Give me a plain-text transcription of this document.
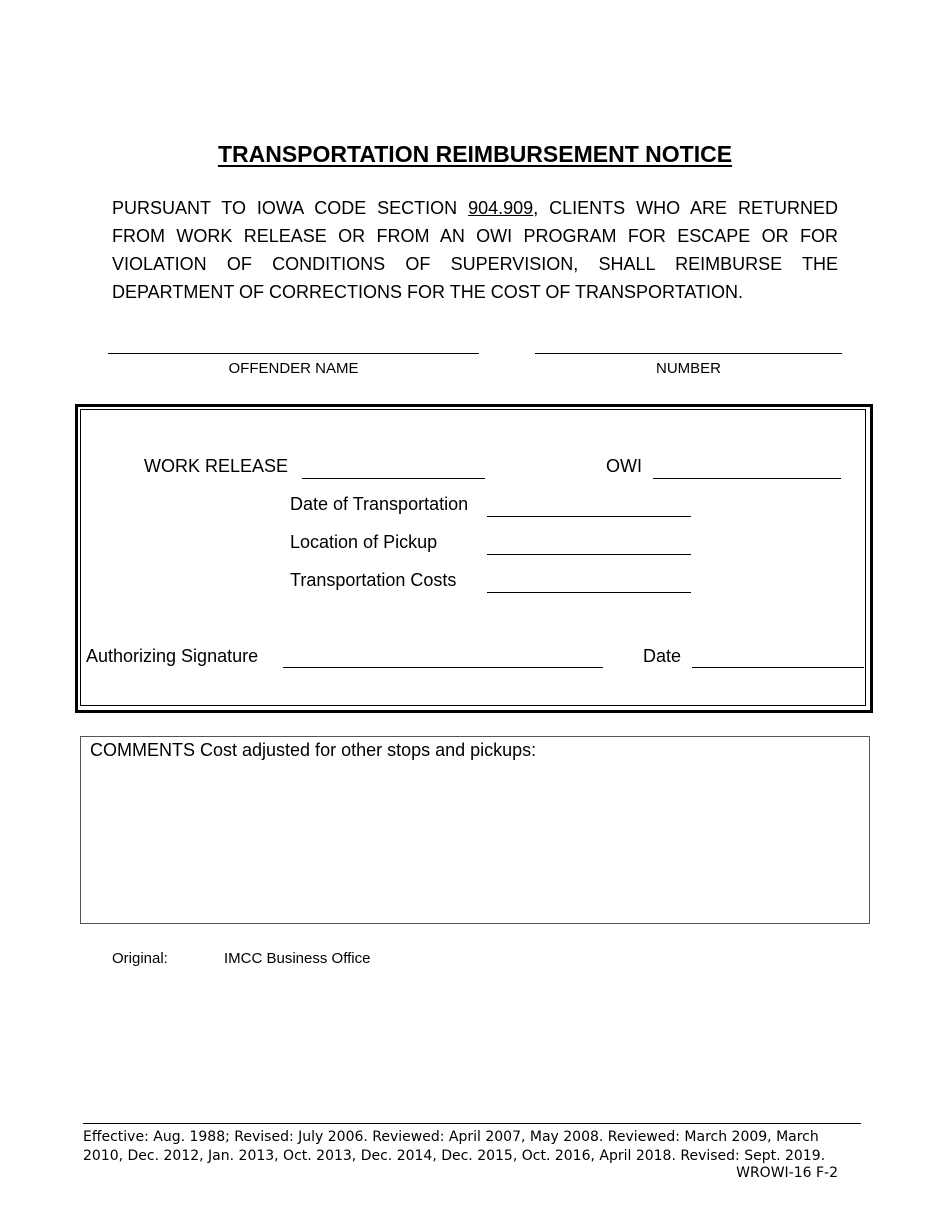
TRANSPORTATION REIMBURSEMENT NOTICE
PURSUANT TO IOWA CODE SECTION 904.909, CLIENTS WHO ARE RETURNED FROM WORK RELEASE OR FROM AN OWI PROGRAM FOR ESCAPE OR FOR VIOLATION OF CONDITIONS OF SUPERVISION, SHALL REIMBURSE THE DEPARTMENT OF CORRECTIONS FOR THE COST OF TRANSPORTATION.
OFFENDER NAME	NUMBER
WORK RELEASE	OWI
Date of Transportation
Location of Pickup
Transportation Costs
Authorizing Signature	Date
COMMENTS Cost adjusted for other stops and pickups:
Original:	IMCC Business Office
Effective: Aug. 1988; Revised: July 2006. Reviewed: April 2007, May 2008. Reviewed: March 2009, March 2010, Dec. 2012, Jan. 2013, Oct. 2013, Dec. 2014, Dec. 2015, Oct. 2016, April 2018. Revised: Sept. 2019.
WROWI-16 F-2
